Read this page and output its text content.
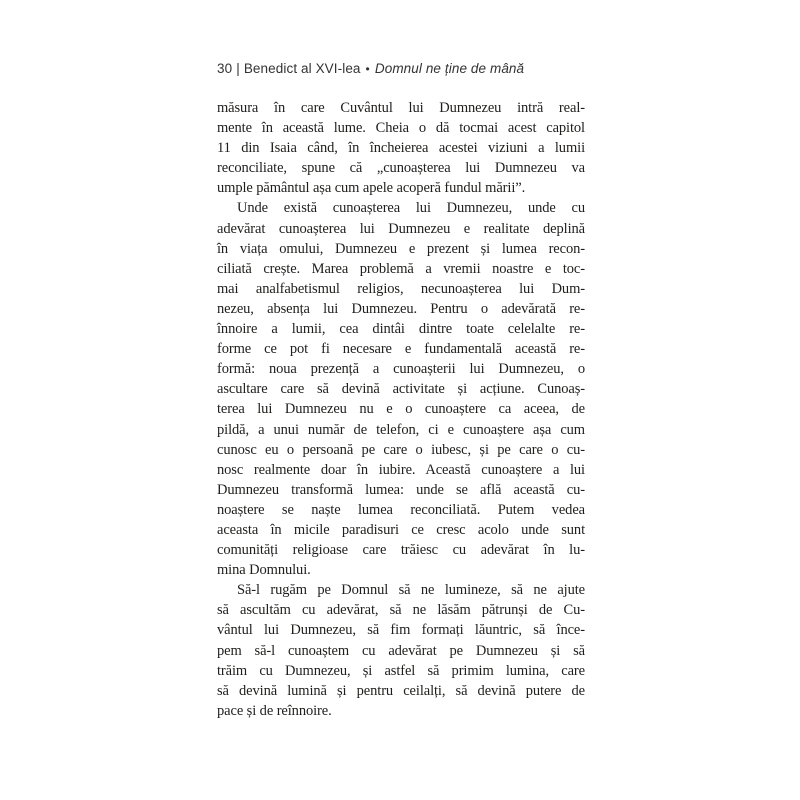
30 | Benedict al XVI-lea • Domnul ne ține de mână
măsura în care Cuvântul lui Dumnezeu intră real-
mente în această lume. Cheia o dă tocmai acest capitol
11 din Isaia când, în încheierea acestei viziuni a lumii
reconciliate, spune că „cunoașterea lui Dumnezeu va
umple pământul așa cum apele acoperă fundul mării”.
Unde există cunoașterea lui Dumnezeu, unde cu
adevărat cunoașterea lui Dumnezeu e realitate deplină
în viața omului, Dumnezeu e prezent și lumea recon-
ciliată crește. Marea problemă a vremii noastre e toc-
mai analfabetismul religios, necunoașterea lui Dum-
nezeu, absența lui Dumnezeu. Pentru o adevărată re-
înnoire a lumii, cea dintâi dintre toate celelalte re-
forme ce pot fi necesare e fundamentală această re-
formă: noua prezență a cunoașterii lui Dumnezeu, o
ascultare care să devină activitate și acțiune. Cunoaș-
terea lui Dumnezeu nu e o cunoaștere ca aceea, de
pildă, a unui număr de telefon, ci e cunoaștere așa cum
cunosc eu o persoană pe care o iubesc, și pe care o cu-
nosc realmente doar în iubire. Această cunoaștere a lui
Dumnezeu transformă lumea: unde se află această cu-
noaștere se naște lumea reconciliată. Putem vedea
aceasta în micile paradisuri ce cresc acolo unde sunt
comunități religioase care trăiesc cu adevărat în lu-
mina Domnului.
Să-l rugăm pe Domnul să ne lumineze, să ne ajute
să ascultăm cu adevărat, să ne lăsăm pătrunși de Cu-
vântul lui Dumnezeu, să fim formați lăuntric, să înce-
pem să-l cunoaștem cu adevărat pe Dumnezeu și să
trăim cu Dumnezeu, și astfel să primim lumina, care
să devină lumină și pentru ceilalți, să devină putere de
pace și de reînnoire.
